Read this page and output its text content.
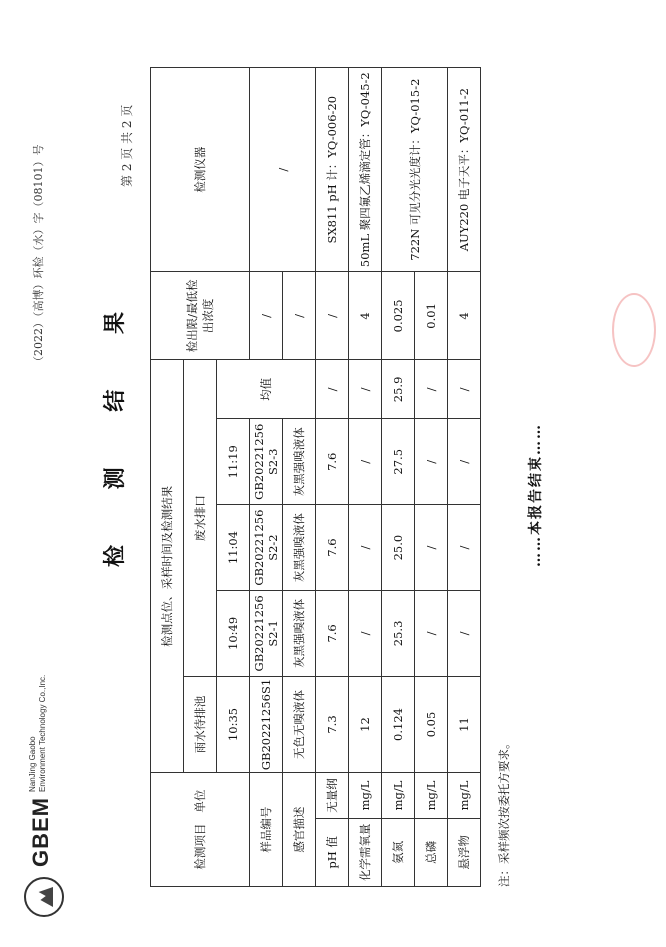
GBEM
NanJing Gaobo Environment Technology Co.,Inc.
（2022）（高博）环检（水）字（08101）号
检 测 结 果
第 2 页 共 2 页
检测项目   单位		检测点位、采样时间及检测结果					检出限/最低检出浓度	检测仪器
		雨水待排池	废水排口					
		10:35	10:49	11:04	11:19	均值		
样品编号		GB20221256S1	GB20221256 S2-1	GB20221256 S2-2	GB20221256 S2-3		/	/
感官描述		无色无嗅液体	灰黑强嗅液体	灰黑强嗅液体	灰黑强嗅液体		/	
pH 值	无量纲	7.3	7.6	7.6	7.6	/	/	SX811 pH 计：YQ-006-20
化学需氧量	mg/L	12	/	/	/	/	4	50mL 聚四氟乙烯滴定管：YQ-045-2
氨氮	mg/L	0.124	25.3	25.0	27.5	25.9	0.025	722N 可见分光光度计：YQ-015-2
总磷	mg/L	0.05	/	/	/	/	0.01	
悬浮物	mg/L	11	/	/	/	/	4	AUY220 电子天平：YQ-011-2
注：采样频次按委托方要求。
……本报告结束……
